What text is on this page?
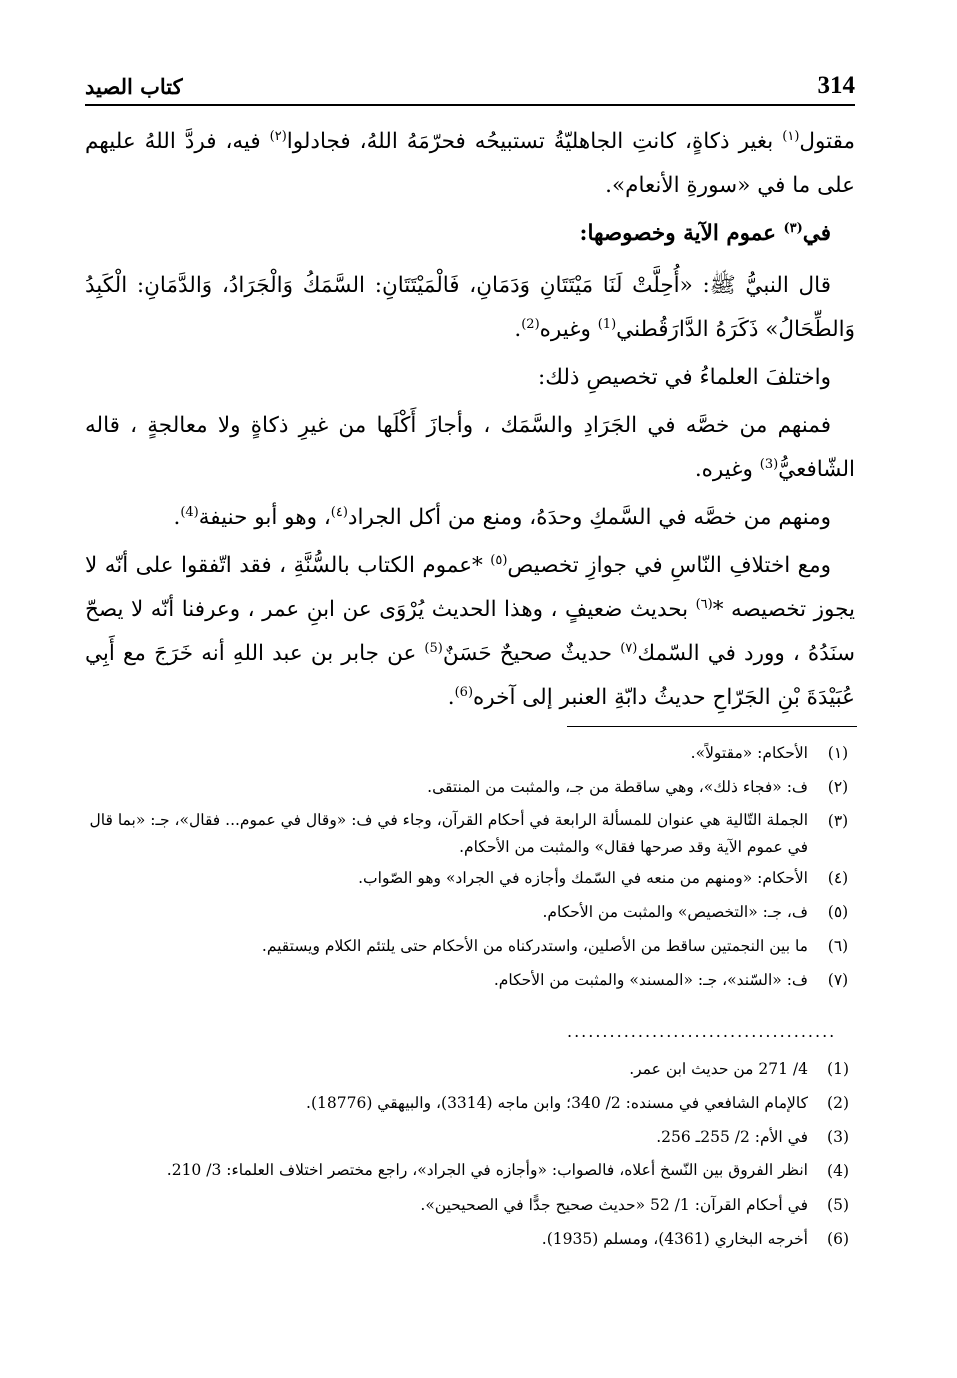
314
كتاب الصيد

مقتول$^{(١)}$ بغير ذكاةٍ، كانتِ الجاهليّةُ تستبيحُه فحرّمَهُ اللهُ، فجادلوا$^{(٢)}$ فيه، فردَّ اللهُ عليهم على ما في «سورةِ الأنعام».

في$^{(٣)}$ عموم الآية وخصوصها:

قال النبيُّ ﷺ: «أُحِلَّتْ لَنَا مَيْتَتَانِ وَدَمَانِ، فَالْمَيْتَتَانِ: السَّمَكُ وَالْجَرَادُ، وَالدَّمَانِ: الْكَبِدُ وَالطِّحَالُ» ذَكَرَهُ الدَّارَقُطني$^{(1)}$ وغيره$^{(2)}$.

واختلفَ العلماءُ في تخصيصِ ذلك:

فمنهم من خصَّه في الجَرَادِ والسَّمَك ، وأجازَ أَكْلَها من غيرِ ذكاةٍ ولا معالجةٍ ، قاله الشّافعيُّ$^{(3)}$ وغيره.

ومنهم من خصَّه في السَّمكِ وحدَهُ، ومنع من أكل الجراد$^{(٤)}$، وهو أبو حنيفة$^{(4)}$.

ومع اختلافِ النّاسِ في جوازِ تخصيص$^{(٥)}$ *عموم الكتاب بالسُّنَّةِ ، فقد اتّفقوا على أنّه لا يجوز تخصيصه *$^{(٦)}$ بحديث ضعيفٍ ، وهذا الحديث يُرْوَى عن ابنِ عمر ، وعرفنا أنّه لا يصحّ سنَدُهُ ، وورد في السّمك$^{(٧)}$ حديثٌ صحيحٌ حَسَنٌ$^{(5)}$ عن جابر بن عبد اللهِ أنه خَرَجَ مع أَبِي عُبَيْدَةَ بْنِ الجَرّاحِ حديثُ دابّةِ العنبر إلى آخره$^{(6)}$.

(١)
الأحكام: «مقتولاً».
(٢)
ف: «فجاء ذلك»، وهي ساقطة من جـ، والمثبت من المنتقى.
(٣)
الجملة التّالية هي عنوان للمسألة الرابعة في أحكام القرآن، وجاء في ف: «وقال في عموم... فقال»، جـ: «بما قال في عموم الآية وقد صرحها فقال» والمثبت من الأحكام.
(٤)
الأحكام: «ومنهم من منعه في السّمك وأجازه في الجراد» وهو الصّواب.
(٥)
ف، جـ: «التخصيص» والمثبت من الأحكام.
(٦)
ما بين النجمتين ساقط من الأصلين، واستدركناه من الأحكام حتى يلتئم الكلام ويستقيم.
(٧)
ف: «السّند»، جـ: «المسند» والمثبت من الأحكام.
......................................
(1)
4/ 271 من حديث ابن عمر.
(2)
كالإمام الشافعي في مسنده: 2/ 340؛ وابن ماجه (3314)، والبيهقي (18776).
(3)
في الأم: 2/ 255ـ 256.
(4)
انظر الفروق بين النّسخ أعلاه، فالصواب: «وأجازه في الجراد»، راجع مختصر اختلاف العلماء: 3/ 210.
(5)
في أحكام القرآن: 1/ 52 «حديث صحيح جدًّا في الصحيحين».
(6)
أخرجه البخاري (4361)، ومسلم (1935).
